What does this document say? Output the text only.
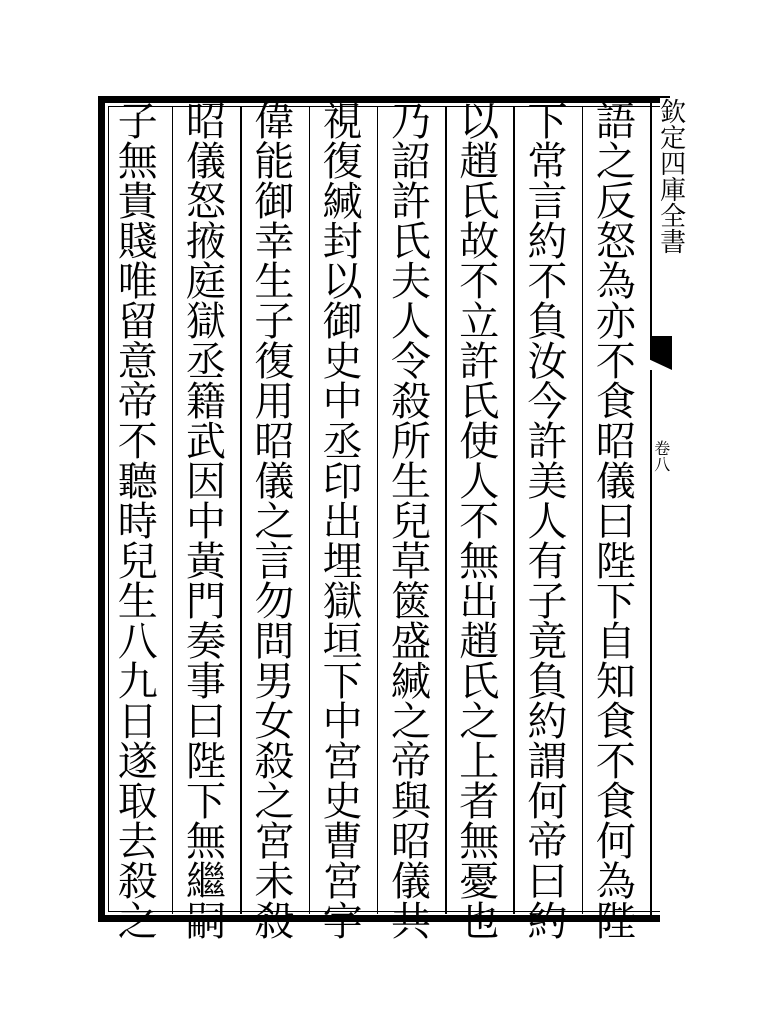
欽定四庫全書
卷八
語
之
反
怒
為
亦
不
食
昭
儀
曰
陛
下
自
知
食
不
食
何
為
陛
下
常
言
約
不
負
汝
今
許
美
人
有
子
竟
負
約
謂
何
帝
曰
約
以
趙
氏
故
不
立
許
氏
使
人
不
無
出
趙
氏
之
上
者
無
憂
也
乃
詔
許
氏
夫
人
令
殺
所
生
兒
草
篋
盛
緘
之
帝
與
昭
儀
共
視
復
緘
封
以
御
史
中
丞
印
出
埋
獄
垣
下
中
宮
史
曹
宮
字
偉
能
御
幸
生
子
復
用
昭
儀
之
言
勿
問
男
女
殺
之
宮
未
殺
昭
儀
怒
掖
庭
獄
丞
籍
武
因
中
黃
門
奏
事
曰
陛
下
無
繼
嗣
子
無
貴
賤
唯
留
意
帝
不
聽
時
兒
生
八
九
日
遂
取
去
殺
之
